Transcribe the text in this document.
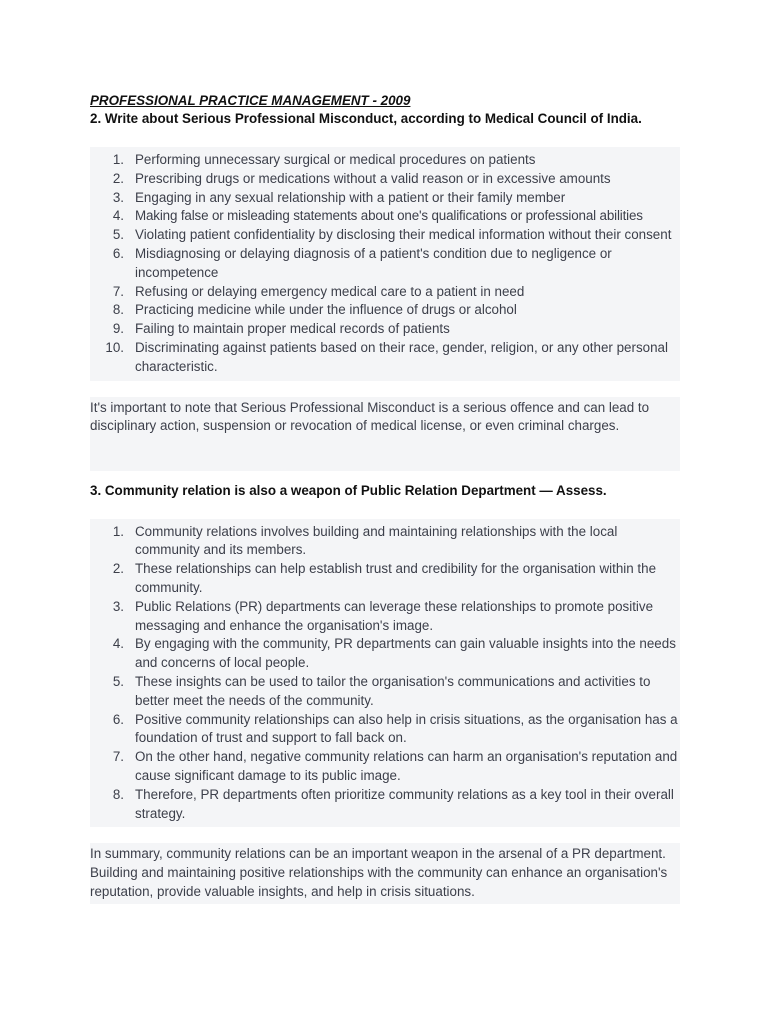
PROFESSIONAL PRACTICE MANAGEMENT - 2009

2. Write about Serious Professional Misconduct, according to Medical Council of India.

1. Performing unnecessary surgical or medical procedures on patients
2. Prescribing drugs or medications without a valid reason or in excessive amounts
3. Engaging in any sexual relationship with a patient or their family member
4. Making false or misleading statements about one's qualifications or professional abilities
5. Violating patient confidentiality by disclosing their medical information without their consent
6. Misdiagnosing or delaying diagnosis of a patient's condition due to negligence or incompetence
7. Refusing or delaying emergency medical care to a patient in need
8. Practicing medicine while under the influence of drugs or alcohol
9. Failing to maintain proper medical records of patients
10. Discriminating against patients based on their race, gender, religion, or any other personal characteristic.

It's important to note that Serious Professional Misconduct is a serious offence and can lead to disciplinary action, suspension or revocation of medical license, or even criminal charges.

3. Community relation is also a weapon of Public Relation Department — Assess.

1. Community relations involves building and maintaining relationships with the local community and its members.
2. These relationships can help establish trust and credibility for the organisation within the community.
3. Public Relations (PR) departments can leverage these relationships to promote positive messaging and enhance the organisation's image.
4. By engaging with the community, PR departments can gain valuable insights into the needs and concerns of local people.
5. These insights can be used to tailor the organisation's communications and activities to better meet the needs of the community.
6. Positive community relationships can also help in crisis situations, as the organisation has a foundation of trust and support to fall back on.
7. On the other hand, negative community relations can harm an organisation's reputation and cause significant damage to its public image.
8. Therefore, PR departments often prioritize community relations as a key tool in their overall strategy.

In summary, community relations can be an important weapon in the arsenal of a PR department. Building and maintaining positive relationships with the community can enhance an organisation's reputation, provide valuable insights, and help in crisis situations.
